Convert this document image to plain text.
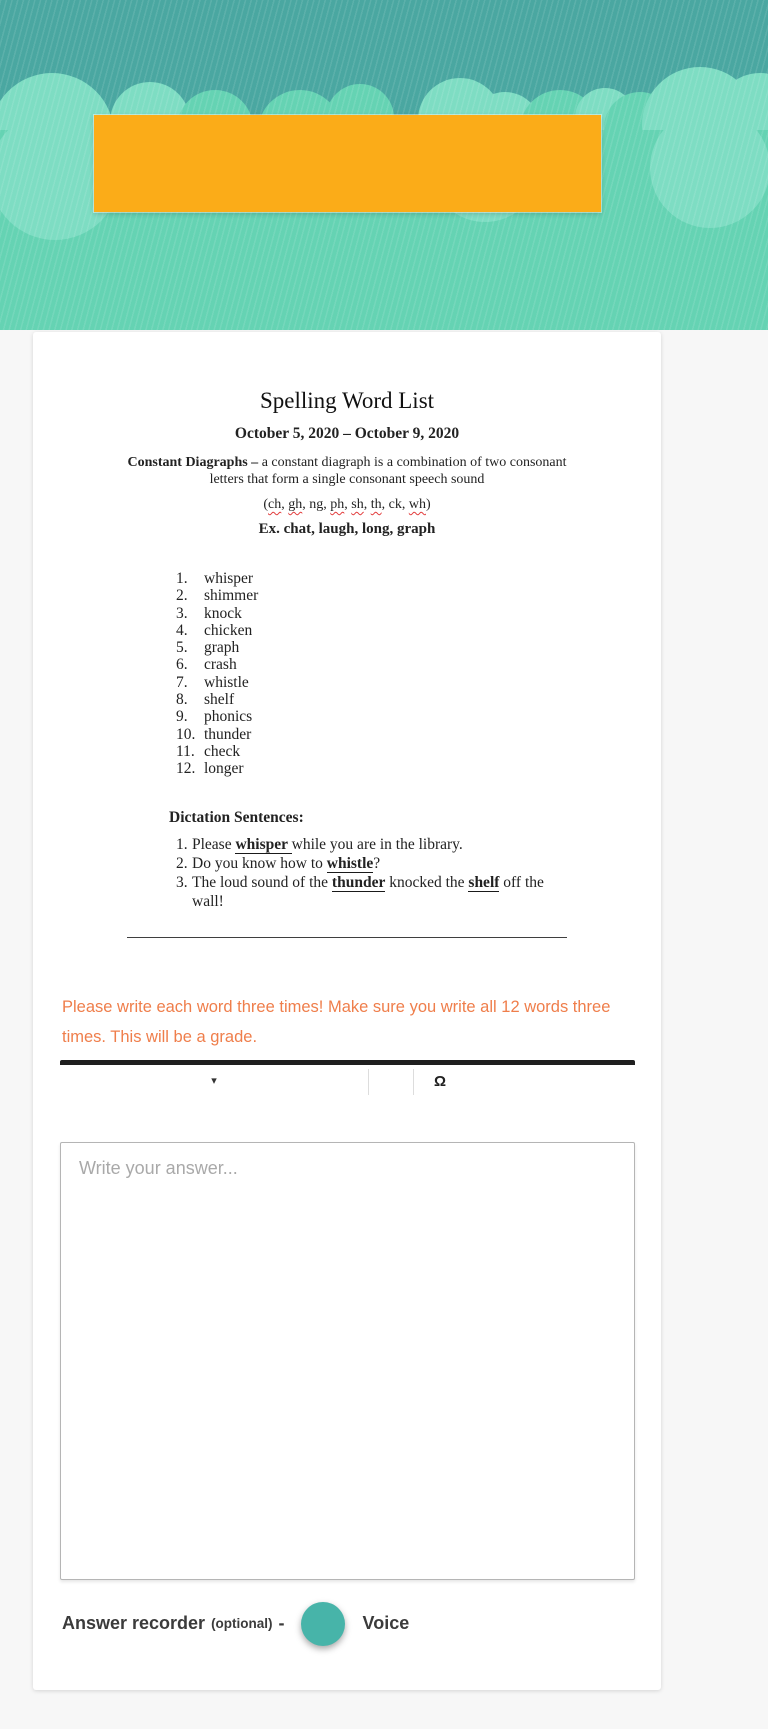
Spelling Word List
October 5, 2020 – October 9, 2020
Constant Diagraphs – a constant diagraph is a combination of two consonant letters that form a single consonant speech sound
(ch, gh, ng, ph, sh, th, ck, wh)
Ex. chat, laugh, long, graph
1.	whisper
2.	shimmer
3.	knock
4.	chicken
5.	graph
6.	crash
7.	whistle
8.	shelf
9.	phonics
10. thunder
11. check
12. longer
Dictation Sentences:
1. Please whisper while you are in the library.
2. Do you know how to whistle?
3. The loud sound of the thunder knocked the shelf off the wall!
Please write each word three times! Make sure you write all 12 words three times. This will be a grade.
▾	Ω
Write your answer...
Answer recorder (optional) -	Voice
